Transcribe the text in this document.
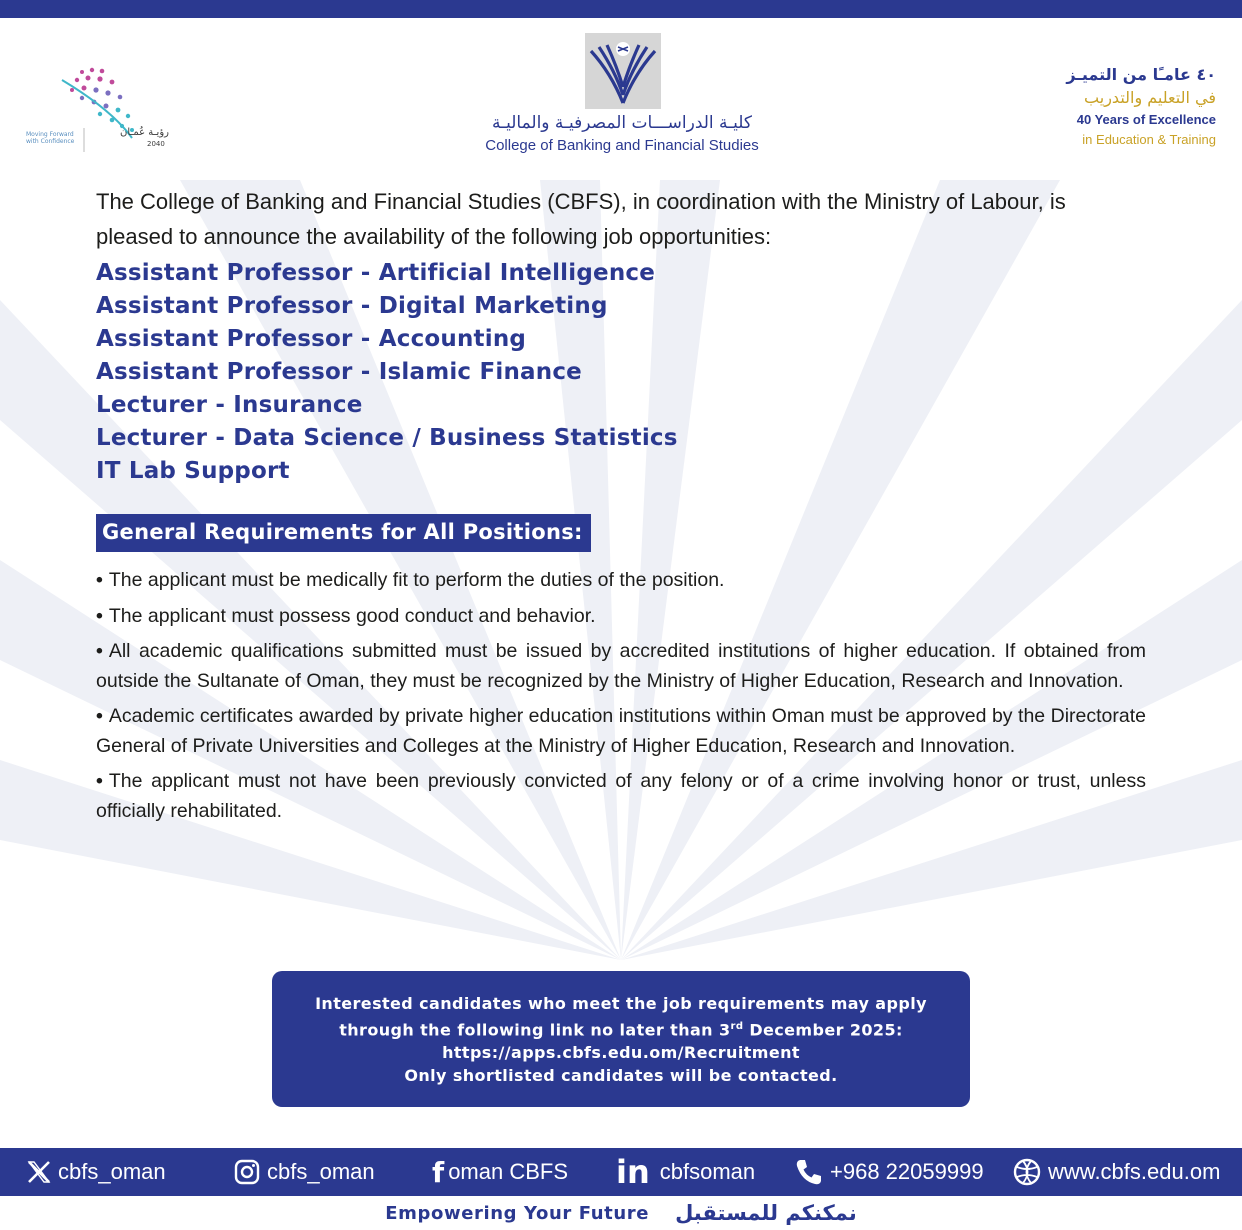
رؤيـة عُمـان
2040
Moving Forward with Confidence
كليـة الدراســـات المصرفيـة والماليـة
College of Banking and Financial Studies
٤٠ عامـًا من التميـز
في التعليم والتدريب
40 Years of Excellence
in Education & Training

The College of Banking and Financial Studies (CBFS), in coordination with the Ministry of Labour, is pleased to announce the availability of the following job opportunities:

Assistant Professor - Artificial Intelligence
Assistant Professor - Digital Marketing
Assistant Professor - Accounting
Assistant Professor - Islamic Finance
Lecturer - Insurance
Lecturer - Data Science / Business Statistics
IT Lab Support
General Requirements for All Positions:
• The applicant must be medically fit to perform the duties of the position.
• The applicant must possess good conduct and behavior.
• All academic qualifications submitted must be issued by accredited institutions of higher education. If obtained from outside the Sultanate of Oman, they must be recognized by the Ministry of Higher Education, Research and Innovation.
• Academic certificates awarded by private higher education institutions within Oman must be approved by the Directorate General of Private Universities and Colleges at the Ministry of Higher Education, Research and Innovation.
• The applicant must not have been previously convicted of any felony or of a crime involving honor or trust, unless officially rehabilitated.
Interested candidates who meet the job requirements may apply
through the following link no later than 3rd December 2025:
https://apps.cbfs.edu.om/Recruitment
Only shortlisted candidates will be contacted.
cbfs_oman	cbfs_oman f oman CBFS in cbfsoman	+968 22059999	www.cbfs.edu.om
Empowering Your Future نمكنكم للمستقبل
